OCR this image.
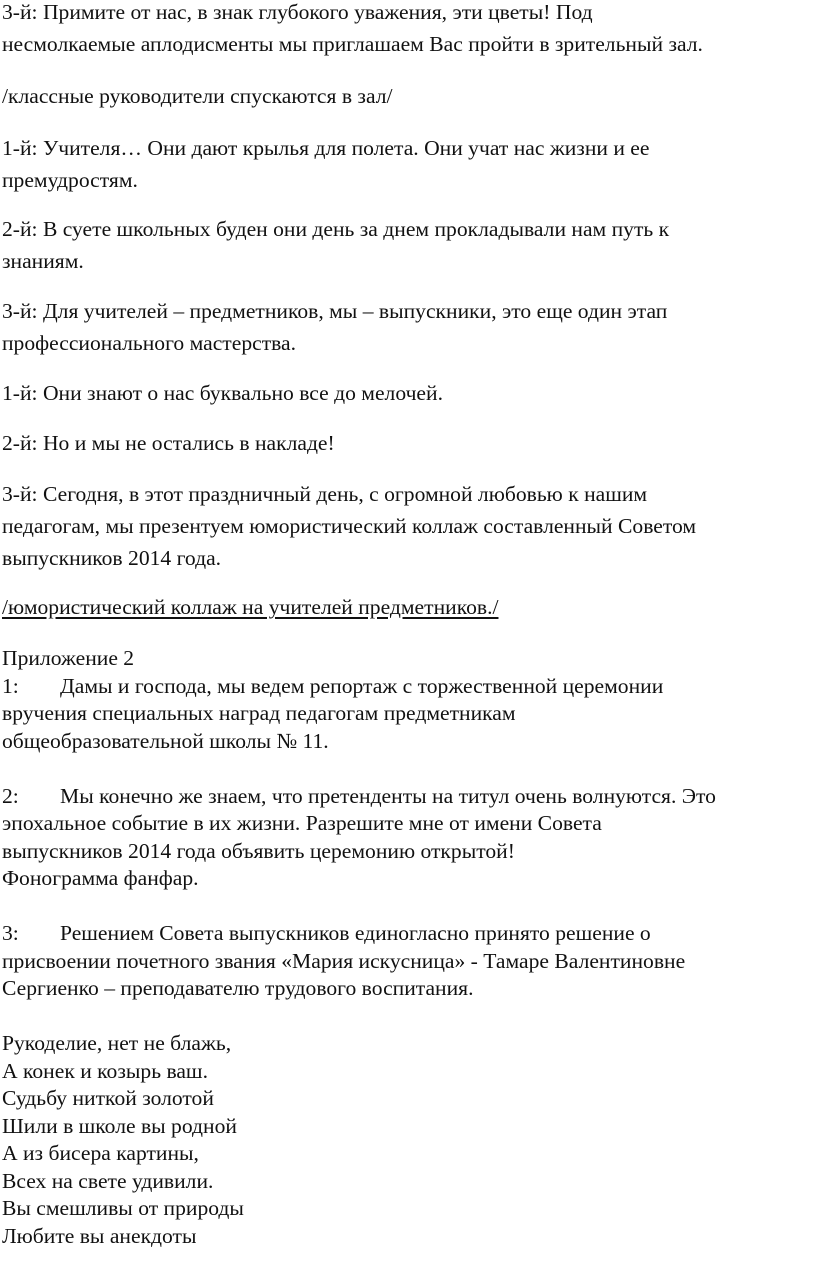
3-й: Примите от нас, в знак глубокого уважения, эти цветы! Под
несмолкаемые аплодисменты мы приглашаем Вас пройти в зрительный зал.

/классные руководители спускаются в зал/

1-й: Учителя… Они дают крылья для полета. Они учат нас жизни и ее
премудростям.

2-й: В суете школьных буден они день за днем прокладывали нам путь к
знаниям.

3-й: Для учителей – предметников, мы – выпускники, это еще один этап
профессионального мастерства.

1-й: Они знают о нас буквально все до мелочей.

2-й: Но и мы не остались в накладе!

3-й: Сегодня, в этот праздничный день, с огромной любовью к нашим
педагогам, мы презентуем юмористический коллаж составленный Советом
выпускников 2014 года.

/юмористический коллаж на учителей предметников./

Приложение 2
1: Дамы и господа, мы ведем репортаж с торжественной церемонии
вручения специальных наград педагогам предметникам
общеобразовательной школы № 11.

2: Мы конечно же знаем, что претенденты на титул очень волнуются. Это
эпохальное событие в их жизни. Разрешите мне от имени Совета
выпускников 2014 года объявить церемонию открытой!
Фонограмма фанфар.

3: Решением Совета выпускников единогласно принято решение о
присвоении почетного звания «Мария искусница» - Тамаре Валентиновне
Сергиенко – преподавателю трудового воспитания.

Рукоделие, нет не блажь,
А конек и козырь ваш.
Судьбу ниткой золотой
Шили в школе вы родной
А из бисера картины,
Всех на свете удивили.
Вы смешливы от природы
Любите вы анекдоты
